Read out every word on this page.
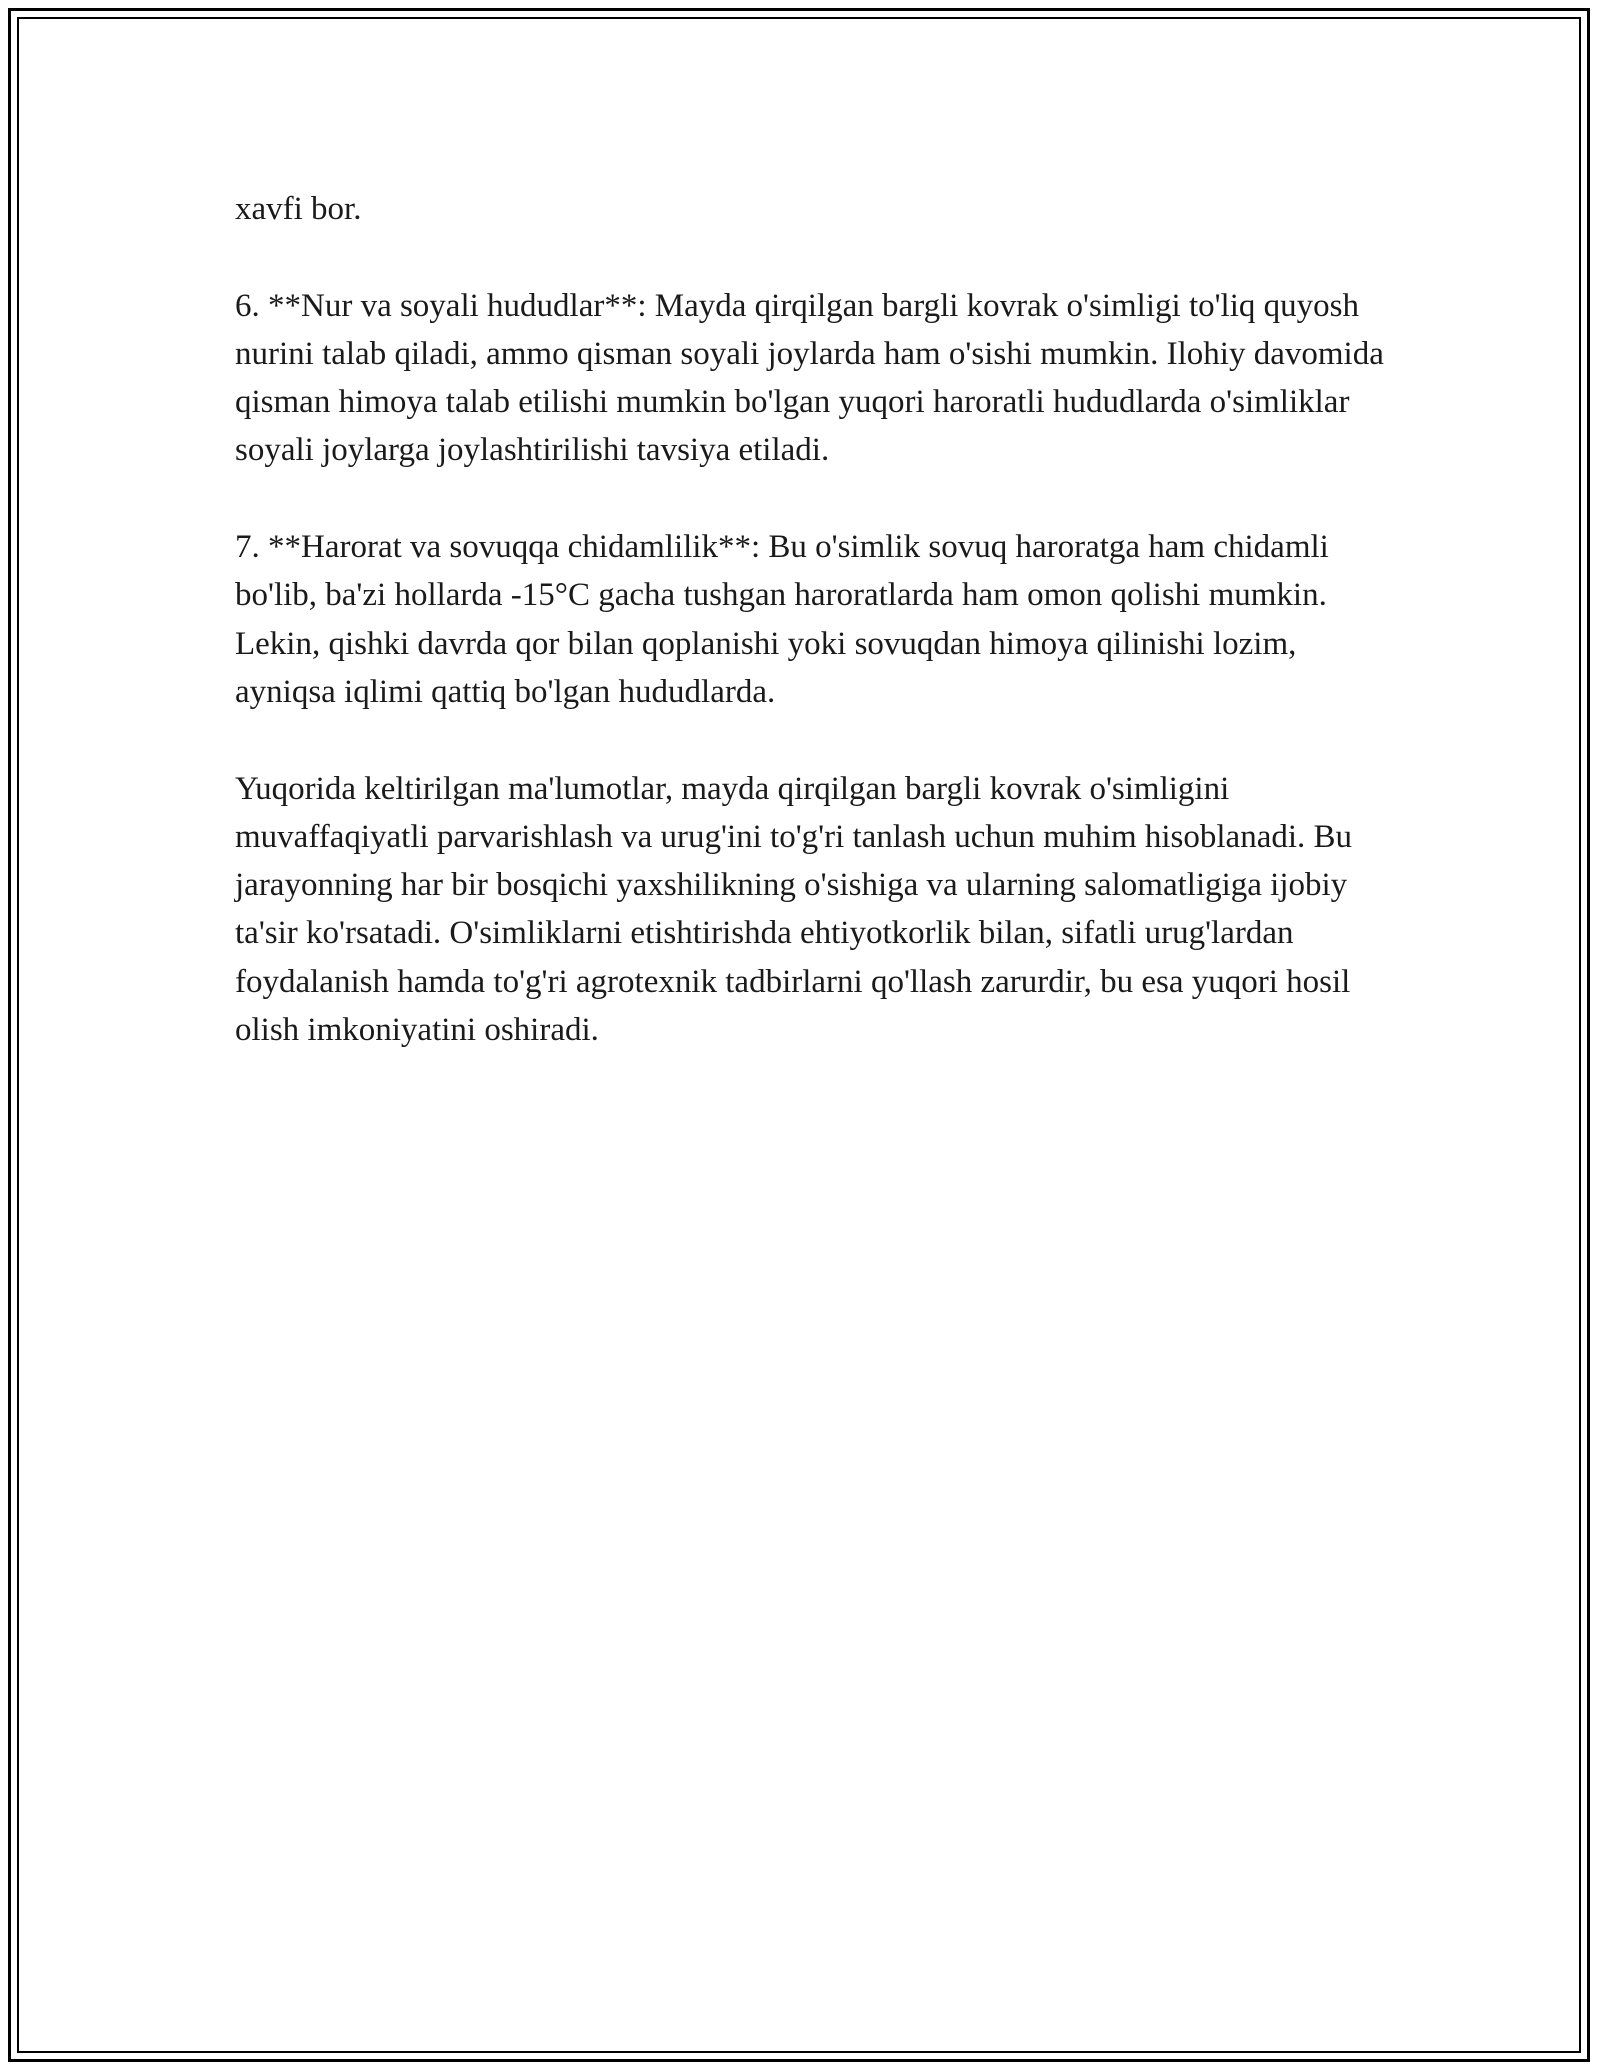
xavfi bor.

6. **Nur va soyali hududlar**: Mayda qirqilgan bargli kovrak o'simligi to'liq quyosh nurini talab qiladi, ammo qisman soyali joylarda ham o'sishi mumkin. Ilohiy davomida qisman himoya talab etilishi mumkin bo'lgan yuqori haroratli hududlarda o'simliklar soyali joylarga joylashtirilishi tavsiya etiladi.

7. **Harorat va sovuqqa chidamlilik**: Bu o'simlik sovuq haroratga ham chidamli bo'lib, ba'zi hollarda -15°C gacha tushgan haroratlarda ham omon qolishi mumkin. Lekin, qishki davrda qor bilan qoplanishi yoki sovuqdan himoya qilinishi lozim, ayniqsa iqlimi qattiq bo'lgan hududlarda.

Yuqorida keltirilgan ma'lumotlar, mayda qirqilgan bargli kovrak o'simligini muvaffaqiyatli parvarishlash va urug'ini to'g'ri tanlash uchun muhim hisoblanadi. Bu jarayonning har bir bosqichi yaxshilikning o'sishiga va ularning salomatligiga ijobiy ta'sir ko'rsatadi. O'simliklarni etishtirishda ehtiyotkorlik bilan, sifatli urug'lardan foydalanish hamda to'g'ri agrotexnik tadbirlarni qo'llash zarurdir, bu esa yuqori hosil olish imkoniyatini oshiradi.
